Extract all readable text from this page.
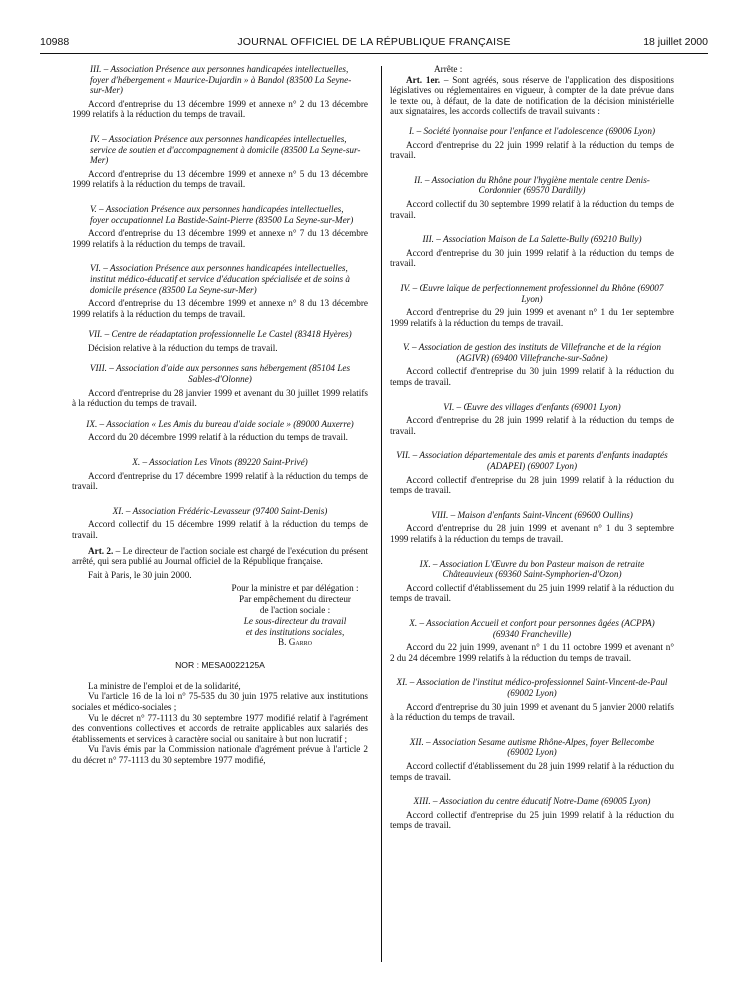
10988	JOURNAL OFFICIEL DE LA RÉPUBLIQUE FRANÇAISE	18 juillet 2000
III. – Association Présence aux personnes handicapées intellectuelles, foyer d'hébergement « Maurice-Dujardin » à Bandol (83500 La Seyne-sur-Mer)

Accord d'entreprise du 13 décembre 1999 et annexe n° 2 du 13 décembre 1999 relatifs à la réduction du temps de travail.

IV. – Association Présence aux personnes handicapées intellectuelles, service de soutien et d'accompagnement à domicile (83500 La Seyne-sur-Mer)

Accord d'entreprise du 13 décembre 1999 et annexe n° 5 du 13 décembre 1999 relatifs à la réduction du temps de travail.

V. – Association Présence aux personnes handicapées intellectuelles, foyer occupationnel La Bastide-Saint-Pierre (83500 La Seyne-sur-Mer)

Accord d'entreprise du 13 décembre 1999 et annexe n° 7 du 13 décembre 1999 relatifs à la réduction du temps de travail.

VI. – Association Présence aux personnes handicapées intellectuelles, institut médico-éducatif et service d'éducation spécialisée et de soins à domicile présence (83500 La Seyne-sur-Mer)

Accord d'entreprise du 13 décembre 1999 et annexe n° 8 du 13 décembre 1999 relatifs à la réduction du temps de travail.

VII. – Centre de réadaptation professionnelle Le Castel (83418 Hyères)

Décision relative à la réduction du temps de travail.

VIII. – Association d'aide aux personnes sans hébergement (85104 Les Sables-d'Olonne)

Accord d'entreprise du 28 janvier 1999 et avenant du 30 juillet 1999 relatifs à la réduction du temps de travail.

IX. – Association « Les Amis du bureau d'aide sociale » (89000 Auxerre)

Accord du 20 décembre 1999 relatif à la réduction du temps de travail.

X. – Association Les Vinots (89220 Saint-Privé)

Accord d'entreprise du 17 décembre 1999 relatif à la réduction du temps de travail.

XI. – Association Frédéric-Levasseur (97400 Saint-Denis)

Accord collectif du 15 décembre 1999 relatif à la réduction du temps de travail.

Art. 2. – Le directeur de l'action sociale est chargé de l'exécution du présent arrêté, qui sera publié au Journal officiel de la République française.

Fait à Paris, le 30 juin 2000.

Pour la ministre et par délégation :
Par empêchement du directeur
de l'action sociale :
Le sous-directeur du travail
et des institutions sociales,
B. Garro
NOR : MESA0022125A

La ministre de l'emploi et de la solidarité,

Vu l'article 16 de la loi n° 75-535 du 30 juin 1975 relative aux institutions sociales et médico-sociales ;

Vu le décret n° 77-1113 du 30 septembre 1977 modifié relatif à l'agrément des conventions collectives et accords de retraite applicables aux salariés des établissements et services à caractère social ou sanitaire à but non lucratif ;

Vu l'avis émis par la Commission nationale d'agrément prévue à l'article 2 du décret n° 77-1113 du 30 septembre 1977 modifié,

Arrête :

Art. 1er. – Sont agréés, sous réserve de l'application des dispositions législatives ou réglementaires en vigueur, à compter de la date prévue dans le texte ou, à défaut, de la date de notification de la décision ministérielle aux signataires, les accords collectifs de travail suivants :

I. – Société lyonnaise pour l'enfance et l'adolescence (69006 Lyon)

Accord d'entreprise du 22 juin 1999 relatif à la réduction du temps de travail.

II. – Association du Rhône pour l'hygiène mentale centre Denis-Cordonnier (69570 Dardilly)

Accord collectif du 30 septembre 1999 relatif à la réduction du temps de travail.

III. – Association Maison de La Salette-Bully (69210 Bully)

Accord d'entreprise du 30 juin 1999 relatif à la réduction du temps de travail.

IV. – Œuvre laïque de perfectionnement professionnel du Rhône (69007 Lyon)

Accord d'entreprise du 29 juin 1999 et avenant n° 1 du 1er septembre 1999 relatifs à la réduction du temps de travail.

V. – Association de gestion des instituts de Villefranche et de la région (AGIVR) (69400 Villefranche-sur-Saône)

Accord collectif d'entreprise du 30 juin 1999 relatif à la réduction du temps de travail.

VI. – Œuvre des villages d'enfants (69001 Lyon)

Accord d'entreprise du 28 juin 1999 relatif à la réduction du temps de travail.

VII. – Association départementale des amis et parents d'enfants inadaptés (ADAPEI) (69007 Lyon)

Accord collectif d'entreprise du 28 juin 1999 relatif à la réduction du temps de travail.

VIII. – Maison d'enfants Saint-Vincent (69600 Oullins)

Accord d'entreprise du 28 juin 1999 et avenant n° 1 du 3 septembre 1999 relatifs à la réduction du temps de travail.

IX. – Association L'Œuvre du bon Pasteur maison de retraite Châteauvieux (69360 Saint-Symphorien-d'Ozon)

Accord collectif d'établissement du 25 juin 1999 relatif à la réduction du temps de travail.

X. – Association Accueil et confort pour personnes âgées (ACPPA) (69340 Francheville)

Accord du 22 juin 1999, avenant n° 1 du 11 octobre 1999 et avenant n° 2 du 24 décembre 1999 relatifs à la réduction du temps de travail.

XI. – Association de l'institut médico-professionnel Saint-Vincent-de-Paul (69002 Lyon)

Accord d'entreprise du 30 juin 1999 et avenant du 5 janvier 2000 relatifs à la réduction du temps de travail.

XII. – Association Sesame autisme Rhône-Alpes, foyer Bellecombe (69002 Lyon)

Accord collectif d'établissement du 28 juin 1999 relatif à la réduction du temps de travail.

XIII. – Association du centre éducatif Notre-Dame (69005 Lyon)

Accord collectif d'entreprise du 25 juin 1999 relatif à la réduction du temps de travail.
